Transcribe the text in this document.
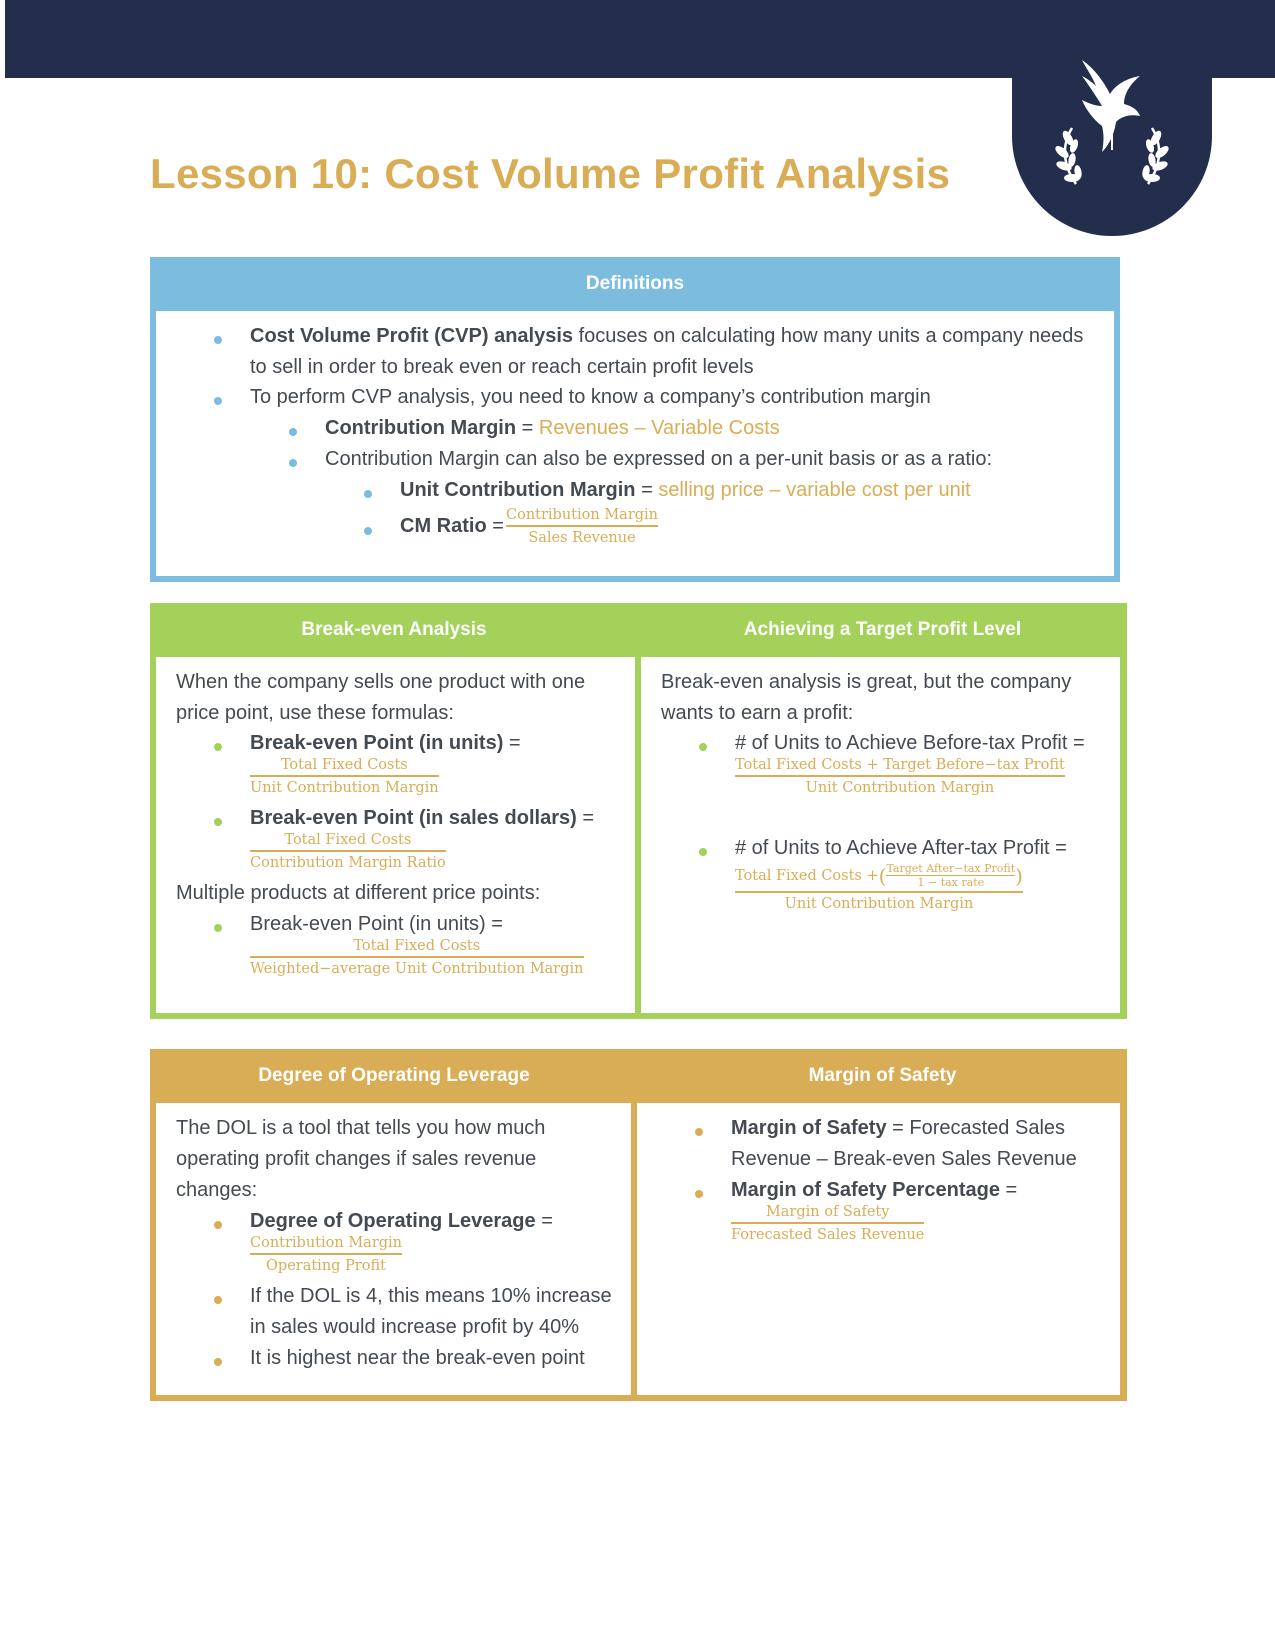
Lesson 10: Cost Volume Profit Analysis
Definitions
Cost Volume Profit (CVP) analysis focuses on calculating how many units a company needs
to sell in order to break even or reach certain profit levels
To perform CVP analysis, you need to know a company’s contribution margin
Contribution Margin = Revenues – Variable Costs
Contribution Margin can also be expressed on a per-unit basis or as a ratio:
Unit Contribution Margin = selling price – variable cost per unit
CM Ratio = Contribution Margin
Sales Revenue
Break-even Analysis	Achieving a Target Profit Level
When the company sells one product with one
price point, use these formulas:
Break-even Point (in units) =
Total Fixed Costs
Unit Contribution Margin
Break-even Point (in sales dollars) =
Total Fixed Costs
Contribution Margin Ratio
Multiple products at different price points:
Break-even Point (in units) =
Total Fixed Costs
Weighted−average Unit Contribution Margin
Break-even analysis is great, but the company
wants to earn a profit:
# of Units to Achieve Before-tax Profit =
Total Fixed Costs + Target Before−tax Profit
Unit Contribution Margin
# of Units to Achieve After-tax Profit =
Total Fixed Costs + ( Target After−tax Profit
1 − tax rate	)
Unit Contribution Margin
Degree of Operating Leverage	Margin of Safety
The DOL is a tool that tells you how much
operating profit changes if sales revenue
changes:
Degree of Operating Leverage =
Contribution Margin
Operating Profit
If the DOL is 4, this means 10% increase
in sales would increase profit by 40%
It is highest near the break-even point
Margin of Safety = Forecasted Sales
Revenue – Break-even Sales Revenue
Margin of Safety Percentage =
Margin of Safety
Forecasted Sales Revenue
